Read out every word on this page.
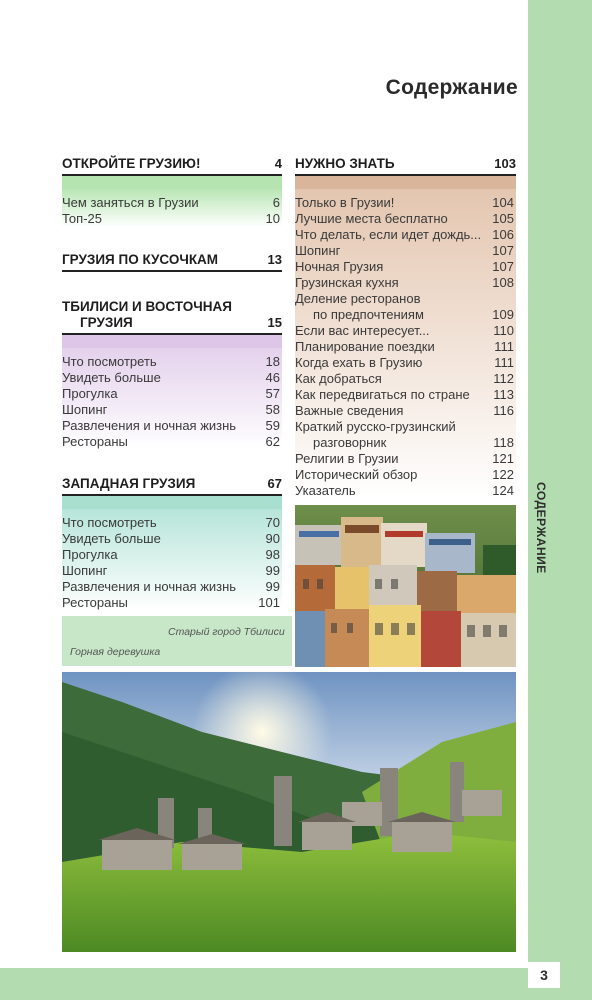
СОДЕРЖАНИЕ
3
Содержание
ОТКРОЙТЕ ГРУЗИЮ!	4
Чем заняться в Грузии	6
Топ-25	10
ГРУЗИЯ ПО КУСОЧКАМ	13
ТБИЛИСИ И ВОСТОЧНАЯ
ГРУЗИЯ	15
Что посмотреть	18
Увидеть больше	46
Прогулка	57
Шопинг	58
Развлечения и ночная жизнь	59
Рестораны	62
ЗАПАДНАЯ ГРУЗИЯ	67
Что посмотреть	70
Увидеть больше	90
Прогулка	98
Шопинг	99
Развлечения и ночная жизнь	99
Рестораны	101
Старый город Тбилиси
Горная деревушка
НУЖНО ЗНАТЬ	103
Только в Грузии!	104
Лучшие места бесплатно	105
Что делать, если идет дождь... 106
Шопинг	107
Ночная Грузия	107
Грузинская кухня	108
Деление ресторанов
по предпочтениям	109
Если вас интересует...	110
Планирование поездки	111
Когда ехать в Грузию	111
Как добраться	112
Как передвигаться по стране 113
Важные сведения	116
Краткий русско-грузинский
разговорник	118
Религии в Грузии	121
Исторический обзор	122
Указатель	124
